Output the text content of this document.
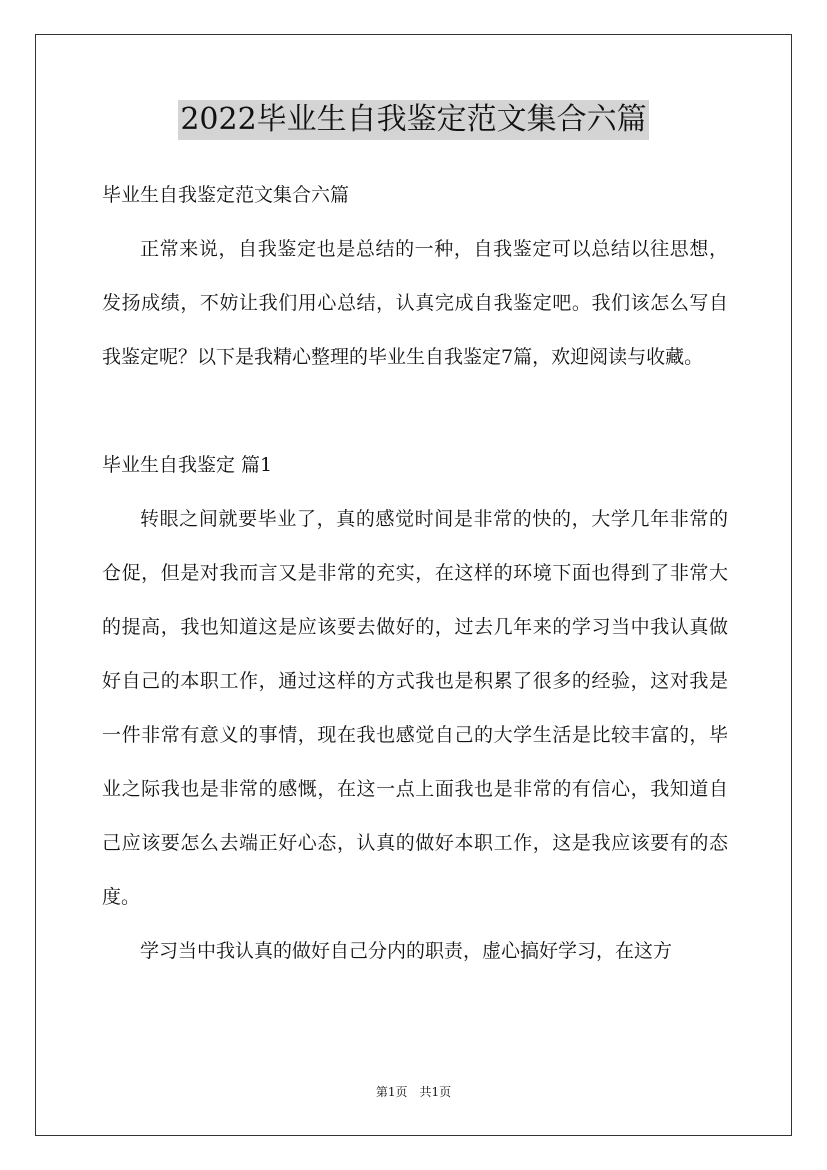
2022毕业生自我鉴定范文集合六篇

毕业生自我鉴定范文集合六篇

正常来说，自我鉴定也是总结的一种，自我鉴定可以总结以往思想，发扬成绩，不妨让我们用心总结，认真完成自我鉴定吧。我们该怎么写自我鉴定呢？以下是我精心整理的毕业生自我鉴定7篇，欢迎阅读与收藏。

毕业生自我鉴定 篇1

转眼之间就要毕业了，真的感觉时间是非常的快的，大学几年非常的仓促，但是对我而言又是非常的充实，在这样的环境下面也得到了非常大的提高，我也知道这是应该要去做好的，过去几年来的学习当中我认真做好自己的本职工作，通过这样的方式我也是积累了很多的经验，这对我是一件非常有意义的事情，现在我也感觉自己的大学生活是比较丰富的，毕业之际我也是非常的感慨，在这一点上面我也是非常的有信心，我知道自己应该要怎么去端正好心态，认真的做好本职工作，这是我应该要有的态度。

学习当中我认真的做好自己分内的职责，虚心搞好学习，在这方

第1页　共1页
